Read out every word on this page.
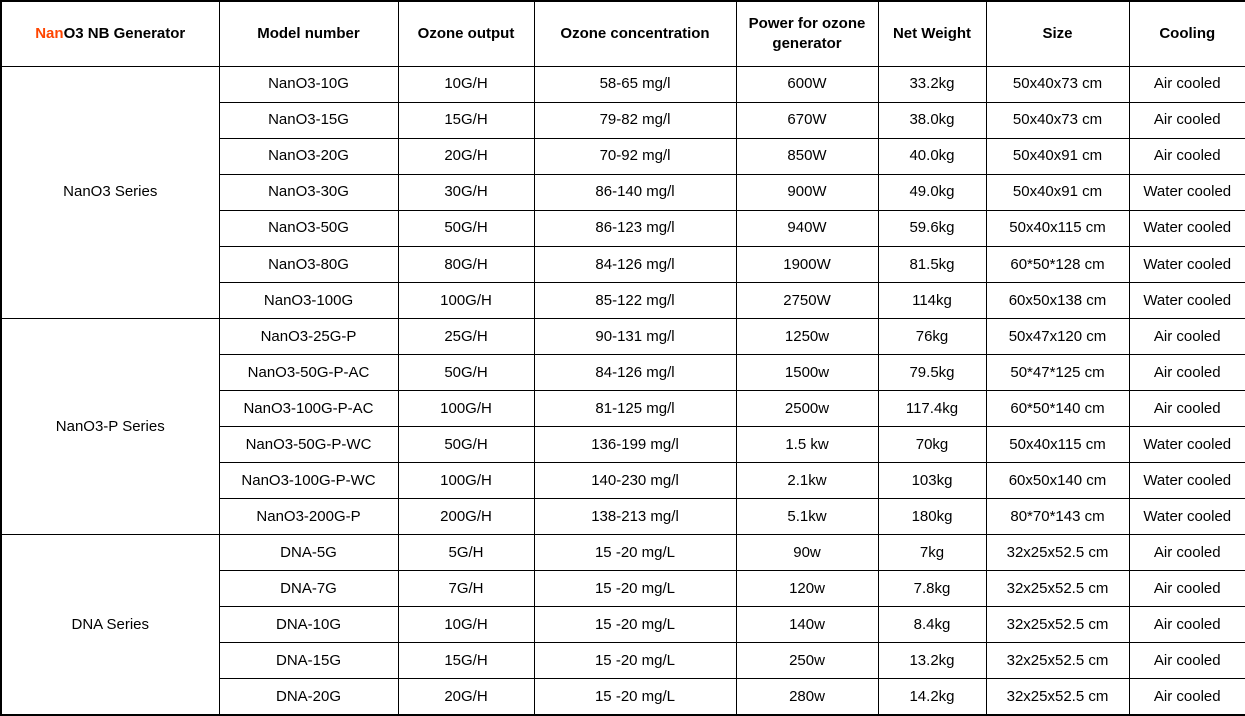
NanO3 NB Generator	Model number	Ozone output	Ozone concentration	Power for ozone generator	Net Weight	Size	Cooling
NanO3 Series	NanO3-10G	10G/H	58-65 mg/l	600W	33.2kg	50x40x73 cm	Air cooled
	NanO3-15G	15G/H	79-82 mg/l	670W	38.0kg	50x40x73 cm	Air cooled
	NanO3-20G	20G/H	70-92 mg/l	850W	40.0kg	50x40x91 cm	Air cooled
	NanO3-30G	30G/H	86-140 mg/l	900W	49.0kg	50x40x91 cm	Water cooled
	NanO3-50G	50G/H	86-123 mg/l	940W	59.6kg	50x40x115 cm	Water cooled
	NanO3-80G	80G/H	84-126 mg/l	1900W	81.5kg	60*50*128 cm	Water cooled
	NanO3-100G	100G/H	85-122 mg/l	2750W	114kg	60x50x138 cm	Water cooled
NanO3-P Series	NanO3-25G-P	25G/H	90-131 mg/l	1250w	76kg	50x47x120 cm	Air cooled
	NanO3-50G-P-AC	50G/H	84-126 mg/l	1500w	79.5kg	50*47*125 cm	Air cooled
	NanO3-100G-P-AC	100G/H	81-125 mg/l	2500w	117.4kg	60*50*140 cm	Air cooled
	NanO3-50G-P-WC	50G/H	136-199 mg/l	1.5 kw	70kg	50x40x115 cm	Water cooled
	NanO3-100G-P-WC	100G/H	140-230 mg/l	2.1kw	103kg	60x50x140 cm	Water cooled
	NanO3-200G-P	200G/H	138-213 mg/l	5.1kw	180kg	80*70*143 cm	Water cooled
DNA Series	DNA-5G	5G/H	15 -20 mg/L	90w	7kg	32x25x52.5 cm	Air cooled
	DNA-7G	7G/H	15 -20 mg/L	120w	7.8kg	32x25x52.5 cm	Air cooled
	DNA-10G	10G/H	15 -20 mg/L	140w	8.4kg	32x25x52.5 cm	Air cooled
	DNA-15G	15G/H	15 -20 mg/L	250w	13.2kg	32x25x52.5 cm	Air cooled
	DNA-20G	20G/H	15 -20 mg/L	280w	14.2kg	32x25x52.5 cm	Air cooled
